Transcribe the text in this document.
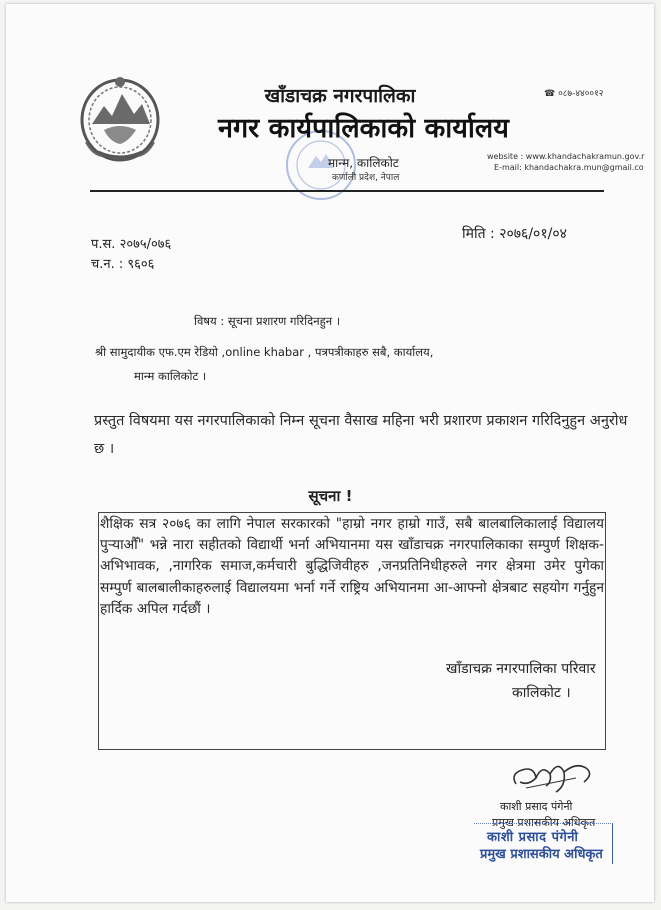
खाँडाचक्र नगरपालिका
नगर कार्यपालिकाको कार्यालय
मान्म, कालिकोट
कर्णाली प्रदेश, नेपाल
☎ ०८७-४४००१२
website : www.khandachakramun.gov.r
E-mail: khandachakra.mun@gmail.co
मिति : २०७६/०१/०४
प.स. २०७५/०७६
च.न. : ९६०६
विषय : सूचना प्रशारण गरिदिनहुन ।
श्री सामुदायीक एफ.एम रेडियो ,online khabar , पत्रपत्रीकाहरु सबै, कार्यालय,
मान्म कालिकोट ।
प्रस्तुत विषयमा यस नगरपालिकाको निम्न सूचना वैसाख महिना भरी प्रशारण प्रकाशन गरिदिनुहुन अनुरोध छ ।
सूचना !
शैक्षिक सत्र २०७६ का लागि नेपाल सरकारको "हाम्रो नगर हाम्रो गाउँ, सबै बालबालिकालाई विद्यालय पुऱ्याऔँ" भन्ने नारा सहीतको विद्यार्थी भर्ना अभियानमा यस खाँडाचक्र नगरपालिकाका सम्पुर्ण शिक्षक-अभिभावक, ,नागरिक समाज,कर्मचारी बुद्धिजिवीहरु ,जनप्रतिनिधीहरुले नगर क्षेत्रमा उमेर पुगेका सम्पुर्ण बालबालीकाहरुलाई विद्यालयमा भर्ना गर्ने राष्ट्रिय अभियानमा आ-आफ्नो क्षेत्रबाट सहयोग गर्नुहुन हार्दिक अपिल गर्दछौं ।
खाँडाचक्र नगरपालिका परिवार
कालिकोट ।
काशी प्रसाद पंगेनी
प्रमुख प्रशासकीय अधिकृत
काशी प्रसाद पंगेनी
प्रमुख प्रशासकीय अधिकृत
